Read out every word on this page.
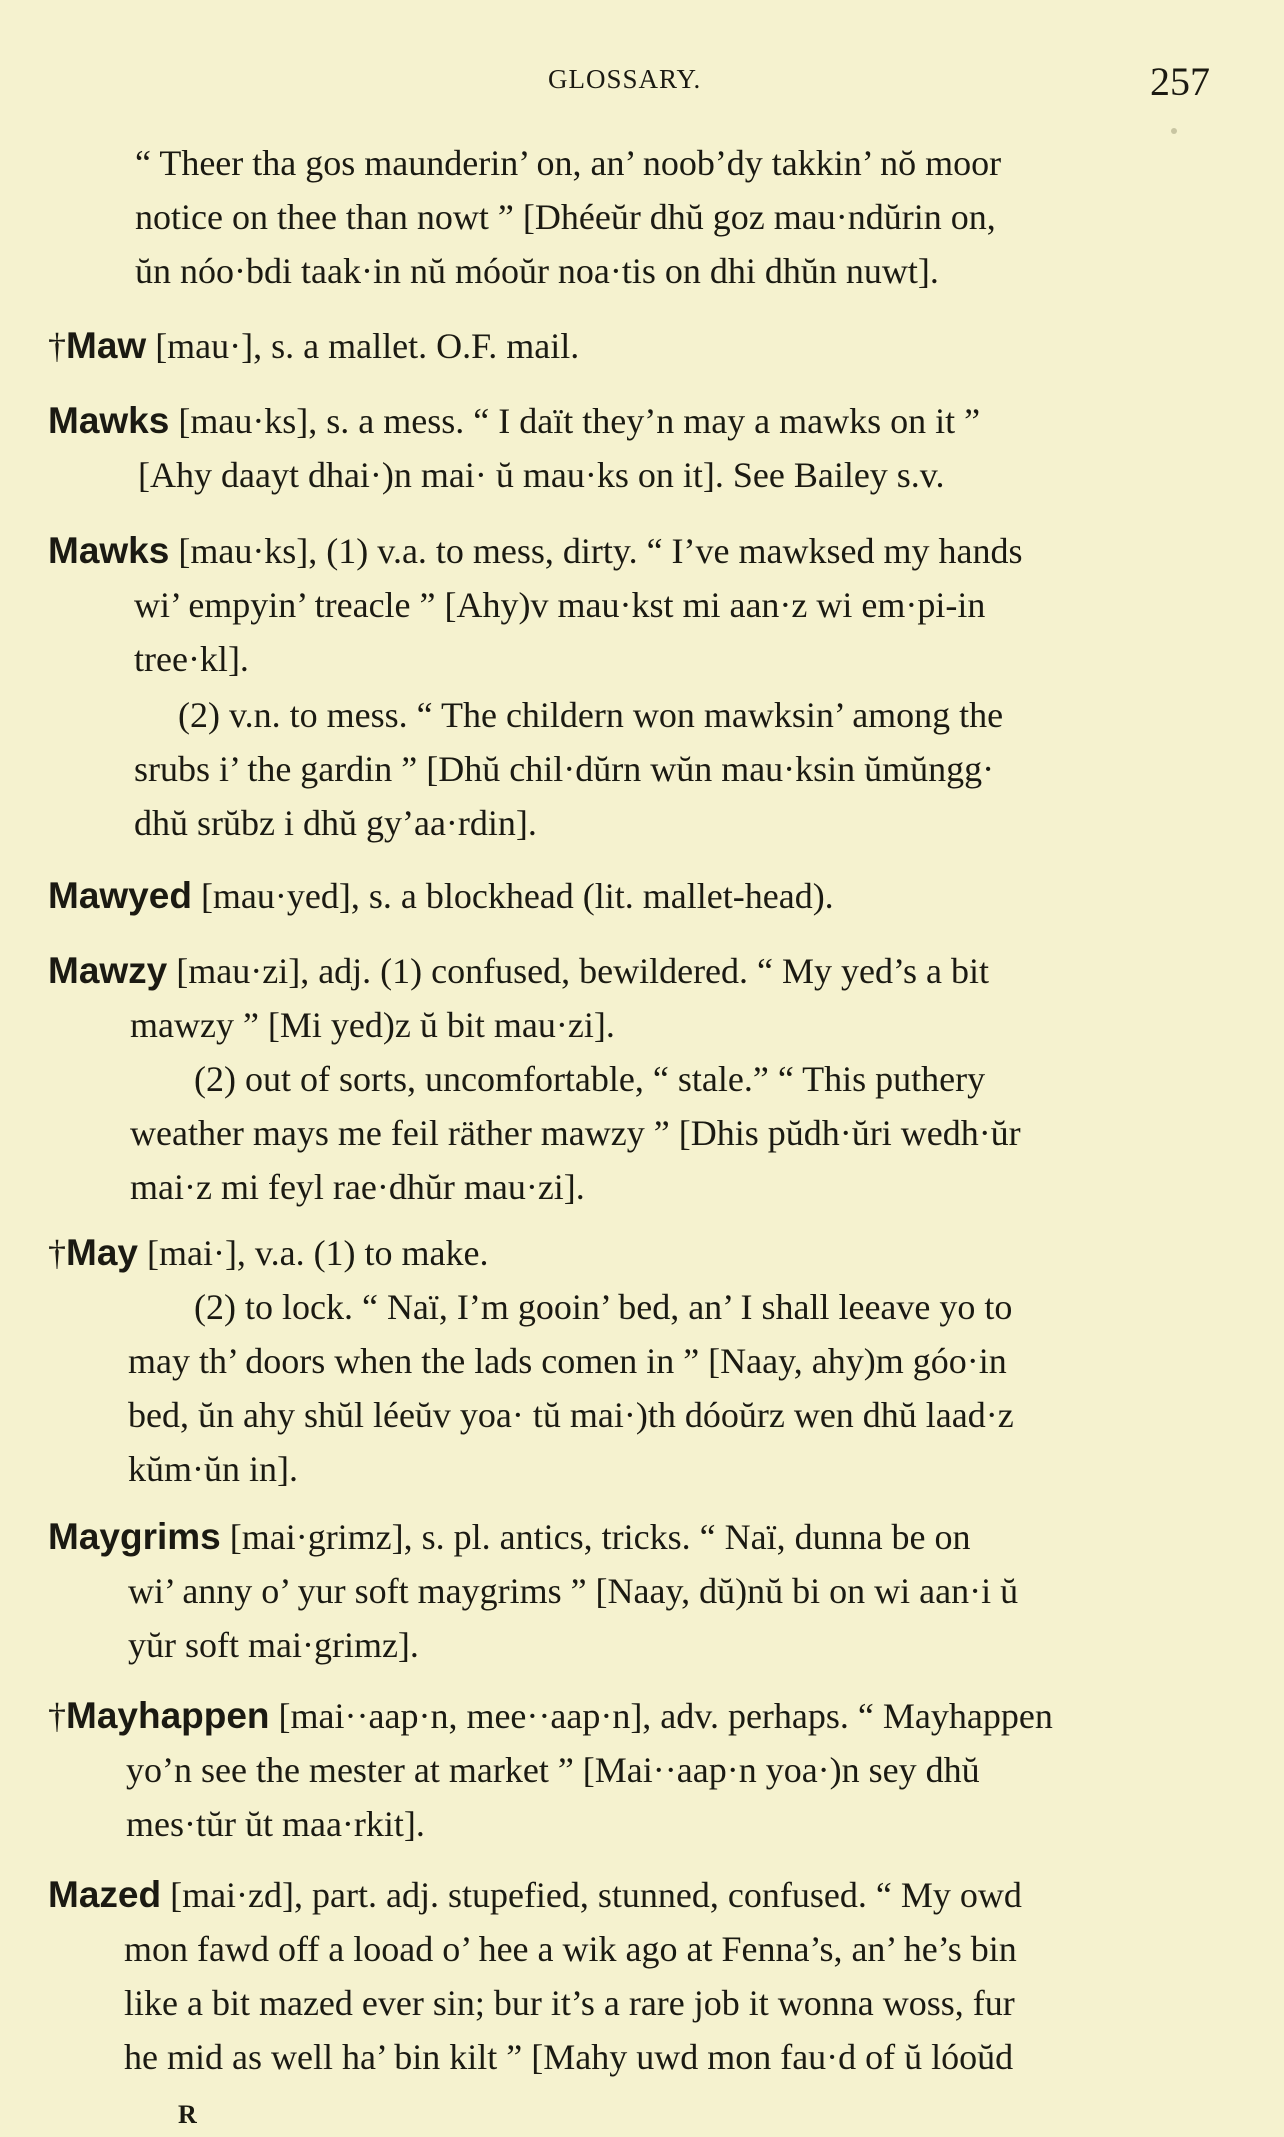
GLOSSARY.	257
“ Theer tha gos maunderin’ on, an’ noob’dy takkin’ nŏ moor
notice on thee than nowt ” [Dhéeŭr dhŭ goz mau·ndŭrin on,
ŭn nóo·bdi taak·in nŭ móoŭr noa·tis on dhi dhŭn nuwt].
†Maw [mau·], s. a mallet. O.F. mail.
Mawks [mau·ks], s. a mess. “ I daït they’n may a mawks on it ”
[Ahy daayt dhai·)n mai· ŭ mau·ks on it]. See Bailey s.v.
Mawks [mau·ks], (1) v.a. to mess, dirty. “ I’ve mawksed my hands
wi’ empyin’ treacle ” [Ahy)v mau·kst mi aan·z wi em·pi-in
tree·kl].
(2) v.n. to mess. “ The childern won mawksin’ among the
srubs i’ the gardin ” [Dhŭ chil·dŭrn wŭn mau·ksin ŭmŭngg·
dhŭ srŭbz i dhŭ gy’aa·rdin].
Mawyed [mau·yed], s. a blockhead (lit. mallet-head).
Mawzy [mau·zi], adj. (1) confused, bewildered. “ My yed’s a bit
mawzy ” [Mi yed)z ŭ bit mau·zi].
(2) out of sorts, uncomfortable, “ stale.” “ This puthery
weather mays me feil räther mawzy ” [Dhis pŭdh·ŭri wedh·ŭr
mai·z mi feyl rae·dhŭr mau·zi].
†May [mai·], v.a. (1) to make.
(2) to lock. “ Naï, I’m gooin’ bed, an’ I shall leeave yo to
may th’ doors when the lads comen in ” [Naay, ahy)m góo·in
bed, ŭn ahy shŭl léeŭv yoa· tŭ mai·)th dóoŭrz wen dhŭ laad·z
kŭm·ŭn in].
Maygrims [mai·grimz], s. pl. antics, tricks. “ Naï, dunna be on
wi’ anny o’ yur soft maygrims ” [Naay, dŭ)nŭ bi on wi aan·i ŭ
yŭr soft mai·grimz].
†Mayhappen [mai··aap·n, mee··aap·n], adv. perhaps. “ Mayhappen
yo’n see the mester at market ” [Mai··aap·n yoa·)n sey dhŭ
mes·tŭr ŭt maa·rkit].
Mazed [mai·zd], part. adj. stupefied, stunned, confused. “ My owd
mon fawd off a looad o’ hee a wik ago at Fenna’s, an’ he’s bin
like a bit mazed ever sin; bur it’s a rare job it wonna woss, fur
he mid as well ha’ bin kilt ” [Mahy uwd mon fau·d of ŭ lóoŭd
R
